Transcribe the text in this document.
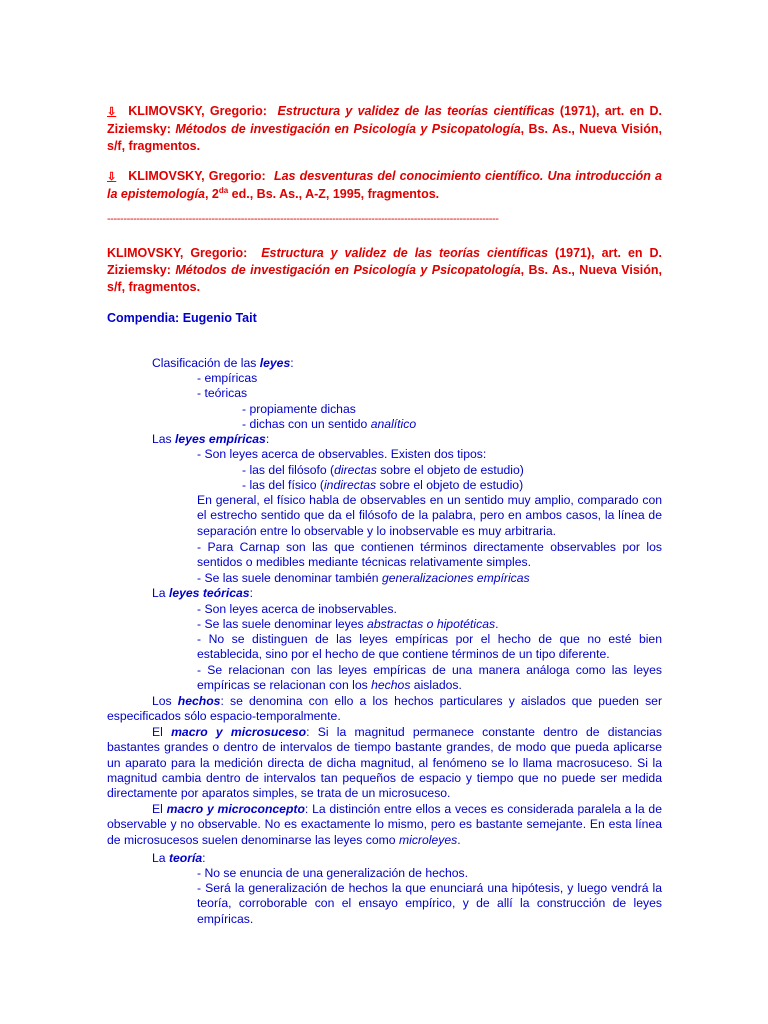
⇩ KLIMOVSKY, Gregorio: Estructura y validez de las teorías científicas (1971), art. en D. Ziziemsky: Métodos de investigación en Psicología y Psicopatología, Bs. As., Nueva Visión, s/f, fragmentos.
⇩ KLIMOVSKY, Gregorio: Las desventuras del conocimiento científico. Una introducción a la epistemología, $2^{da}$ ed., Bs. As., A-Z, 1995, fragmentos.
------------------------------------------------------------------------------------------------------------------------
KLIMOVSKY, Gregorio: Estructura y validez de las teorías científicas (1971), art. en D. Ziziemsky: Métodos de investigación en Psicología y Psicopatología, Bs. As., Nueva Visión, s/f, fragmentos.
Compendia: Eugenio Tait
Clasificación de las leyes:
- empíricas
- teóricas
- propiamente dichas
- dichas con un sentido analítico
Las leyes empíricas:
- Son leyes acerca de observables. Existen dos tipos:
- las del filósofo (directas sobre el objeto de estudio)
- las del físico (indirectas sobre el objeto de estudio)
En general, el físico habla de observables en un sentido muy amplio, comparado con el estrecho sentido que da el filósofo de la palabra, pero en ambos casos, la línea de separación entre lo observable y lo inobservable es muy arbitraria.
- Para Carnap son las que contienen términos directamente observables por los sentidos o medibles mediante técnicas relativamente simples.
- Se las suele denominar también generalizaciones empíricas
La leyes teóricas:
- Son leyes acerca de inobservables.
- Se las suele denominar leyes abstractas o hipotéticas.
- No se distinguen de las leyes empíricas por el hecho de que no esté bien establecida, sino por el hecho de que contiene términos de un tipo diferente.
- Se relacionan con las leyes empíricas de una manera análoga como las leyes empíricas se relacionan con los hechos aislados.
Los hechos: se denomina con ello a los hechos particulares y aislados que pueden ser especificados sólo espacio-temporalmente.
El macro y microsuceso: Si la magnitud permanece constante dentro de distancias bastantes grandes o dentro de intervalos de tiempo bastante grandes, de modo que pueda aplicarse un aparato para la medición directa de dicha magnitud, al fenómeno se lo llama macrosuceso. Si la magnitud cambia dentro de intervalos tan pequeños de espacio y tiempo que no puede ser medida directamente por aparatos simples, se trata de un microsuceso.
El macro y microconcepto: La distinción entre ellos a veces es considerada paralela a la de observable y no observable. No es exactamente lo mismo, pero es bastante semejante. En esta línea de microsucesos suelen denominarse las leyes como microleyes.
La teoría:
- No se enuncia de una generalización de hechos.
- Será la generalización de hechos la que enunciará una hipótesis, y luego vendrá la teoría, corroborable con el ensayo empírico, y de allí la construcción de leyes empíricas.
